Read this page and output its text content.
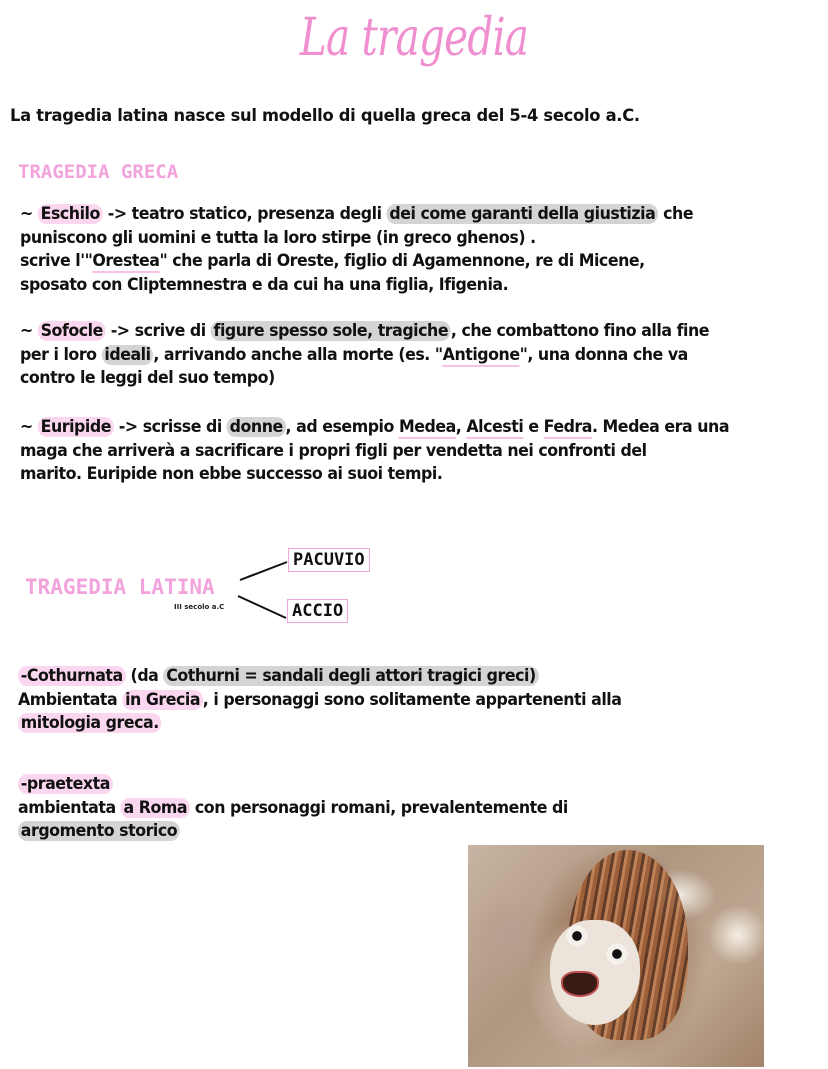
La tragedia
La tragedia latina nasce sul modello di quella greca del 5-4 secolo a.C.
TRAGEDIA GRECA
~ Eschilo -> teatro statico, presenza degli dei come garanti della giustizia che
puniscono gli uomini e tutta la loro stirpe (in greco ghenos) .
scrive l'"Orestea" che parla di Oreste, figlio di Agamennone, re di Micene,
sposato con Cliptemnestra e da cui ha una figlia, Ifigenia.
~ Sofocle -> scrive di figure spesso sole, tragiche , che combattono fino alla fine
per i loro ideali , arrivando anche alla morte (es. "Antigone", una donna che va
contro le leggi del suo tempo)
~ Euripide -> scrisse di donne , ad esempio Medea, Alcesti e Fedra. Medea era una
maga che arriverà a sacrificare i propri figli per vendetta nei confronti del
marito. Euripide non ebbe successo ai suoi tempi.
TRAGEDIA LATINA
III secolo a.C
PACUVIO
ACCIO
-Cothurnata (da Cothurni = sandali degli attori tragici greci)
Ambientata in Grecia , i personaggi sono solitamente appartenenti alla
mitologia greca.
-praetexta
ambientata a Roma con personaggi romani, prevalentemente di
argomento storico
